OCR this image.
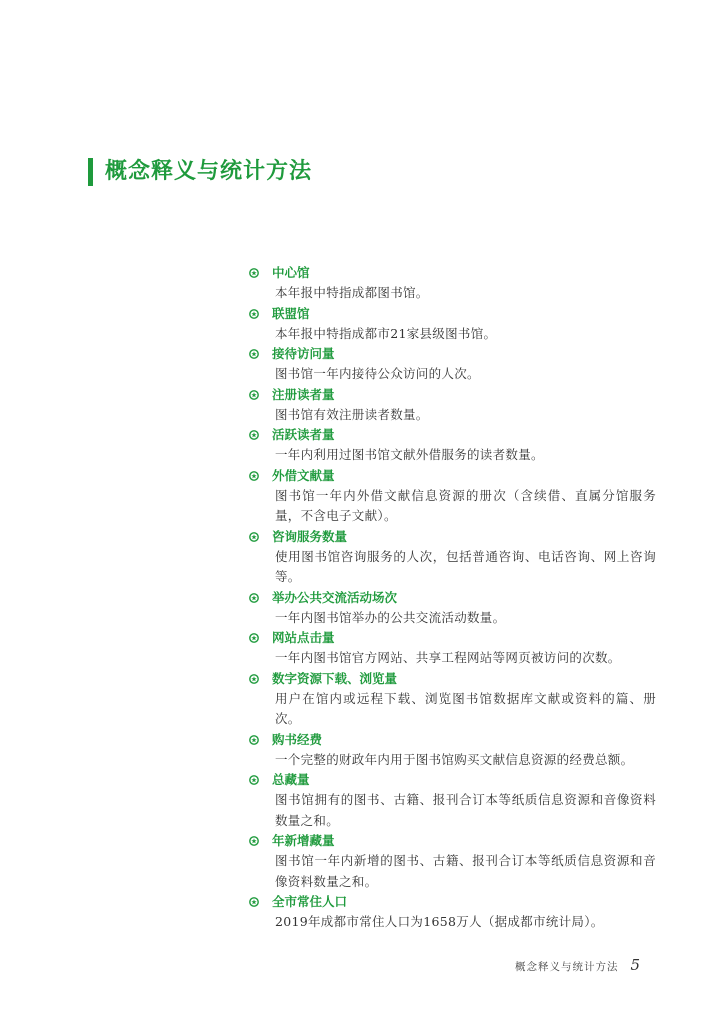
概念释义与统计方法
中心馆

本年报中特指成都图书馆。

联盟馆

本年报中特指成都市21家县级图书馆。

接待访问量

图书馆一年内接待公众访问的人次。

注册读者量

图书馆有效注册读者数量。

活跃读者量

一年内利用过图书馆文献外借服务的读者数量。

外借文献量

图书馆一年内外借文献信息资源的册次（含续借、直属分馆服务量，不含电子文献）。

咨询服务数量

使用图书馆咨询服务的人次，包括普通咨询、电话咨询、网上咨询等。

举办公共交流活动场次

一年内图书馆举办的公共交流活动数量。

网站点击量

一年内图书馆官方网站、共享工程网站等网页被访问的次数。

数字资源下载、浏览量

用户在馆内或远程下载、浏览图书馆数据库文献或资料的篇、册次。

购书经费

一个完整的财政年内用于图书馆购买文献信息资源的经费总额。

总藏量

图书馆拥有的图书、古籍、报刊合订本等纸质信息资源和音像资料数量之和。

年新增藏量

图书馆一年内新增的图书、古籍、报刊合订本等纸质信息资源和音像资料数量之和。

全市常住人口

2019年成都市常住人口为1658万人（据成都市统计局）。

概念释义与统计方法 5
